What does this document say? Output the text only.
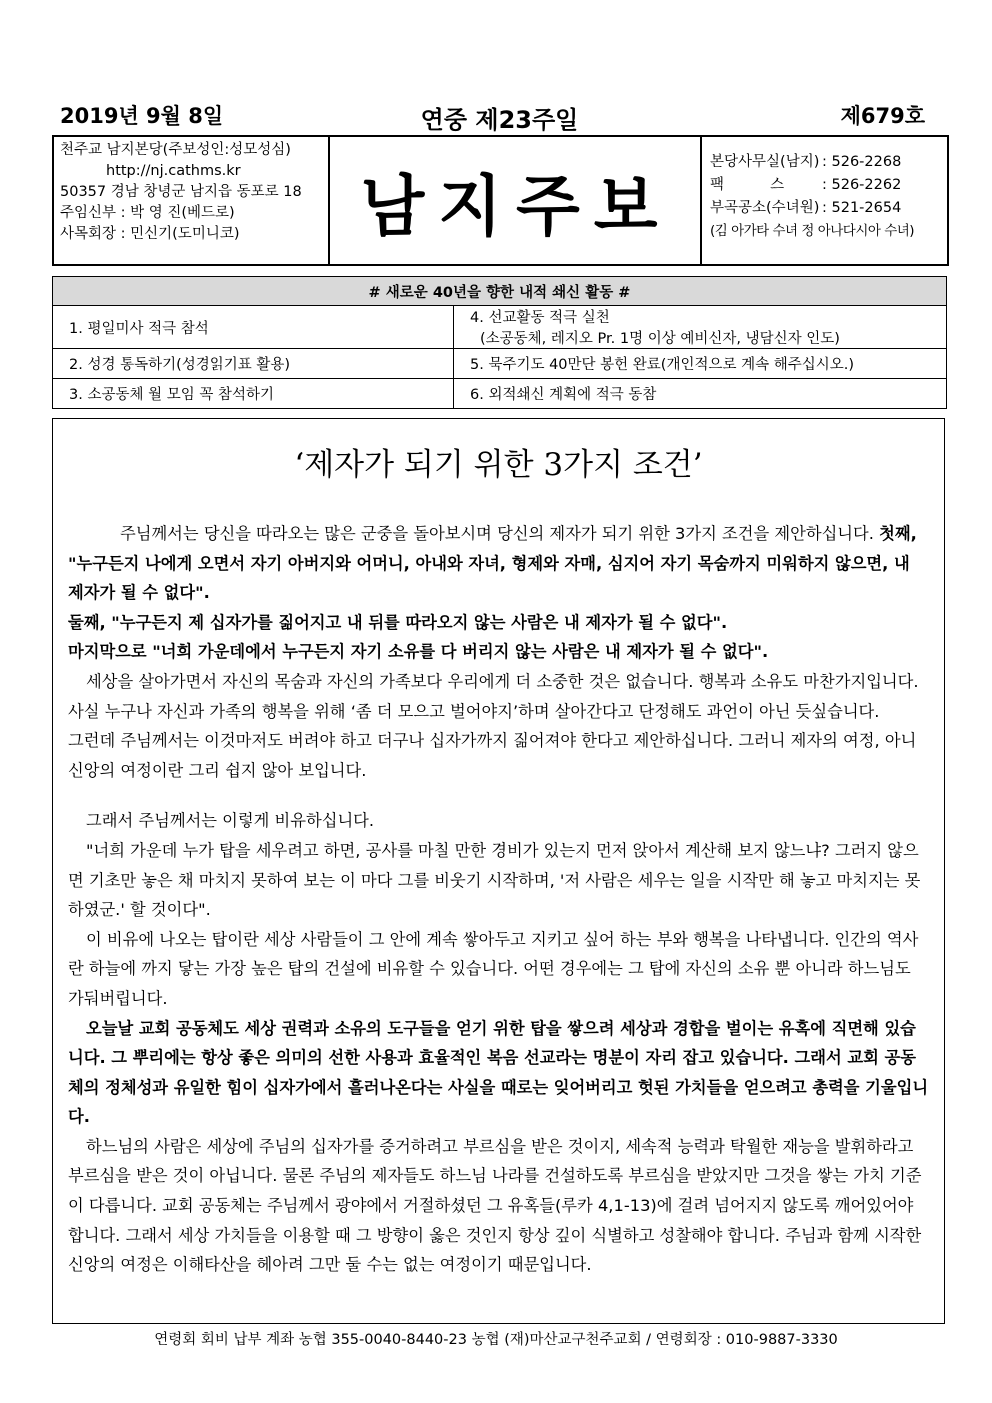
2019년 9월 8일	연중 제23주일	제679호
천주교 남지본당(주보성인:성모성심)
http://nj.cathms.kr
50357 경남 창녕군 남지읍 동포로 18
주임신부 : 박 영 진(베드로)
사목회장 : 민신기(도미니코)	남지주보
본당사무실(남지) : 526-2268
팩          스	: 526-2262
부곡공소(수녀원) : 521-2654
(김 아가타 수녀 정 아나다시아 수녀)
# 새로운 40년을 향한 내적 쇄신 활동 #	
1. 평일미사 적극 참석	4. 선교활동 적극 실천
(소공동체, 레지오 Pr. 1명 이상 예비신자, 냉담신자 인도)

2. 성경 통독하기(성경읽기표 활용)	5. 묵주기도 40만단 봉헌 완료(개인적으로 계속 해주십시오.)
3. 소공동체 월 모임 꼭 참석하기	6. 외적쇄신 계획에 적극 동참
‘제자가 되기 위한 3가지 조건’

주님께서는 당신을 따라오는 많은 군중을 돌아보시며 당신의 제자가 되기 위한 3가지 조건을 제안하십니다. 첫째, "누구든지 나에게 오면서 자기 아버지와 어머니, 아내와 자녀, 형제와 자매, 심지어 자기 목숨까지 미워하지 않으면, 내 제자가 될 수 없다".

둘째, "누구든지 제 십자가를 짊어지고 내 뒤를 따라오지 않는 사람은 내 제자가 될 수 없다".

마지막으로 "너희 가운데에서 누구든지 자기 소유를 다 버리지 않는 사람은 내 제자가 될 수 없다".

세상을 살아가면서 자신의 목숨과 자신의 가족보다 우리에게 더 소중한 것은 없습니다. 행복과 소유도 마찬가지입니다. 사실 누구나 자신과 가족의 행복을 위해 ‘좀 더 모으고 벌어야지’하며 살아간다고 단정해도 과언이 아닌 듯싶습니다.

그런데 주님께서는 이것마저도 버려야 하고 더구나 십자가까지 짊어져야 한다고 제안하십니다. 그러니 제자의 여정, 아니 신앙의 여정이란 그리 쉽지 않아 보입니다.

그래서 주님께서는 이렇게 비유하십니다.

"너희 가운데 누가 탑을 세우려고 하면, 공사를 마칠 만한 경비가 있는지 먼저 앉아서 계산해 보지 않느냐? 그러지 않으면 기초만 놓은 채 마치지 못하여 보는 이 마다 그를 비웃기 시작하며, '저 사람은 세우는 일을 시작만 해 놓고 마치지는 못하였군.' 할 것이다".

이 비유에 나오는 탑이란 세상 사람들이 그 안에 계속 쌓아두고 지키고 싶어 하는 부와 행복을 나타냅니다. 인간의 역사란 하늘에 까지 닿는 가장 높은 탑의 건설에 비유할 수 있습니다. 어떤 경우에는 그 탑에 자신의 소유 뿐 아니라 하느님도 가둬버립니다.

오늘날 교회 공동체도 세상 권력과 소유의 도구들을 얻기 위한 탑을 쌓으려 세상과 경합을 벌이는 유혹에 직면해 있습니다. 그 뿌리에는 항상 좋은 의미의 선한 사용과 효율적인 복음 선교라는 명분이 자리 잡고 있습니다. 그래서 교회 공동체의 정체성과 유일한 힘이 십자가에서 흘러나온다는 사실을 때로는 잊어버리고 헛된 가치들을 얻으려고 총력을 기울입니다.

하느님의 사람은 세상에 주님의 십자가를 증거하려고 부르심을 받은 것이지, 세속적 능력과 탁월한 재능을 발휘하라고 부르심을 받은 것이 아닙니다. 물론 주님의 제자들도 하느님 나라를 건설하도록 부르심을 받았지만 그것을 쌓는 가치 기준이 다릅니다. 교회 공동체는 주님께서 광야에서 거절하셨던 그 유혹들(루카 4,1-13)에 걸려 넘어지지 않도록 깨어있어야 합니다. 그래서 세상 가치들을 이용할 때 그 방향이 옳은 것인지 항상 깊이 식별하고 성찰해야 합니다. 주님과 함께 시작한 신앙의 여정은 이해타산을 헤아려 그만 둘 수는 없는 여정이기 때문입니다.

연령회 회비 납부 계좌 농협 355-0040-8440-23 농협 (재)마산교구천주교회 / 연령회장 : 010-9887-3330
